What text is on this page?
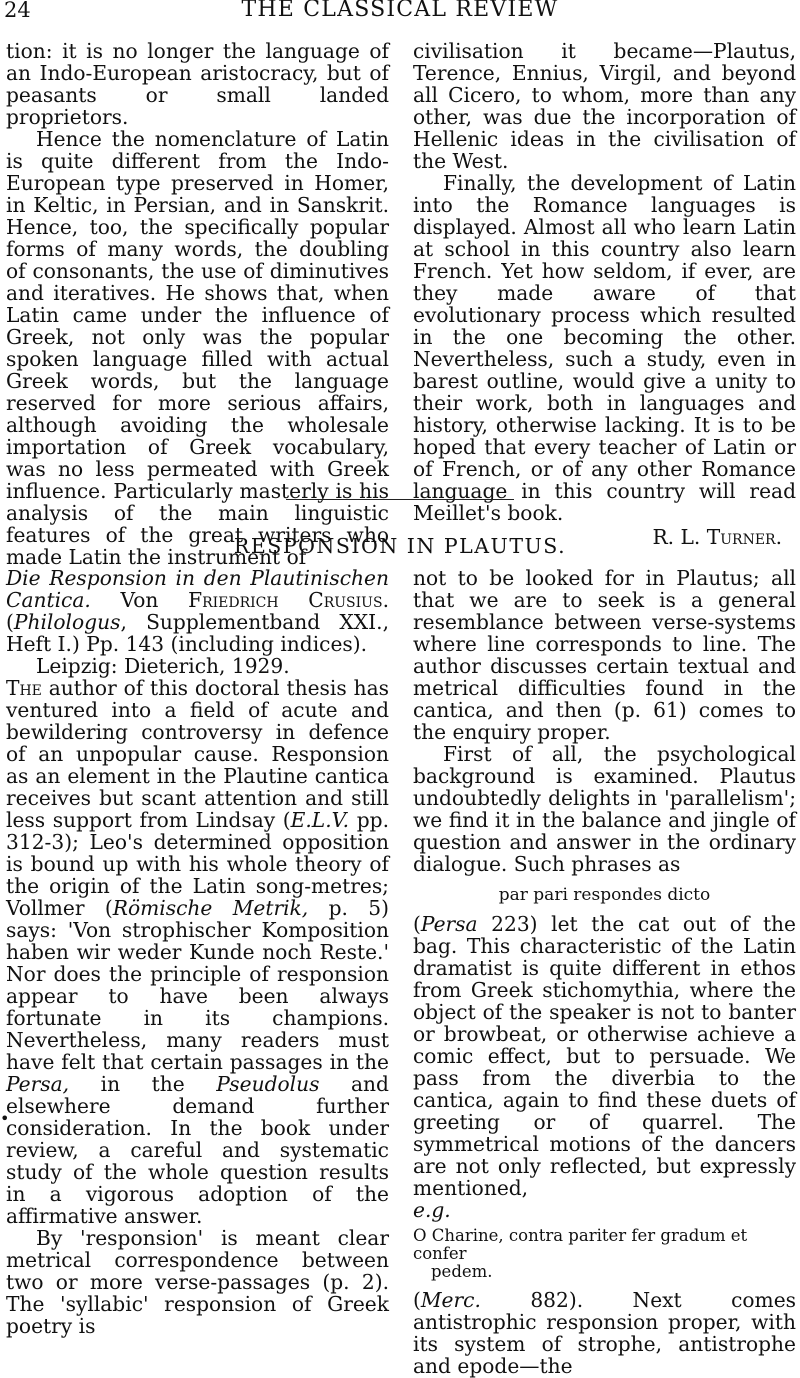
24	THE CLASSICAL REVIEW

tion: it is no longer the language of an Indo-European aristocracy, but of peasants or small landed proprietors.

Hence the nomenclature of Latin is quite different from the Indo-European type preserved in Homer, in Keltic, in Persian, and in Sanskrit. Hence, too, the specifically popular forms of many words, the doubling of consonants, the use of diminutives and iteratives. He shows that, when Latin came under the influence of Greek, not only was the popular spoken language filled with actual Greek words, but the language reserved for more serious affairs, although avoiding the wholesale importation of Greek vocabulary, was no less permeated with Greek influence. Particularly masterly is his analysis of the main linguistic features of the great writers who made Latin the instrument of

civilisation it became—Plautus, Terence, Ennius, Virgil, and beyond all Cicero, to whom, more than any other, was due the incorporation of Hellenic ideas in the civilisation of the West.

Finally, the development of Latin into the Romance languages is displayed. Almost all who learn Latin at school in this country also learn French. Yet how seldom, if ever, are they made aware of that evolutionary process which resulted in the one becoming the other. Nevertheless, such a study, even in barest outline, would give a unity to their work, both in languages and history, otherwise lacking. It is to be hoped that every teacher of Latin or of French, or of any other Romance language in this country will read Meillet's book.

R. L. Turner.

RESPONSION IN PLAUTUS.

Die Responsion in den Plautinischen Cantica. Von Friedrich Crusius. (Philologus, Supplementband XXI., Heft I.) Pp. 143 (including indices).

Leipzig: Dieterich, 1929.

The author of this doctoral thesis has ventured into a field of acute and bewildering controversy in defence of an unpopular cause. Responsion as an element in the Plautine cantica receives but scant attention and still less support from Lindsay (E.L.V. pp. 312-3); Leo's determined opposition is bound up with his whole theory of the origin of the Latin song-metres; Vollmer (Römische Metrik, p. 5) says: 'Von strophischer Komposition haben wir weder Kunde noch Reste.' Nor does the principle of responsion appear to have been always fortunate in its champions. Nevertheless, many readers must have felt that certain passages in the Persa, in the Pseudolus and elsewhere demand further consideration. In the book under review, a careful and systematic study of the whole question results in a vigorous adoption of the affirmative answer.

By 'responsion' is meant clear metrical correspondence between two or more verse-passages (p. 2). The 'syllabic' responsion of Greek poetry is

not to be looked for in Plautus; all that we are to seek is a general resemblance between verse-systems where line corresponds to line. The author discusses certain textual and metrical difficulties found in the cantica, and then (p. 61) comes to the enquiry proper.

First of all, the psychological background is examined. Plautus undoubtedly delights in 'parallelism'; we find it in the balance and jingle of question and answer in the ordinary dialogue. Such phrases as

par pari respondes dicto

(Persa 223) let the cat out of the bag. This characteristic of the Latin dramatist is quite different in ethos from Greek stichomythia, where the object of the speaker is not to banter or browbeat, or otherwise achieve a comic effect, but to persuade. We pass from the diverbia to the cantica, again to find these duets of greeting or of quarrel. The symmetrical motions of the dancers are not only reflected, but expressly mentioned,
e.g.

O Charine, contra pariter fer gradum et confer
pedem.

(Merc. 882). Next comes antistrophic responsion proper, with its system of strophe, antistrophe and epode—the

•
